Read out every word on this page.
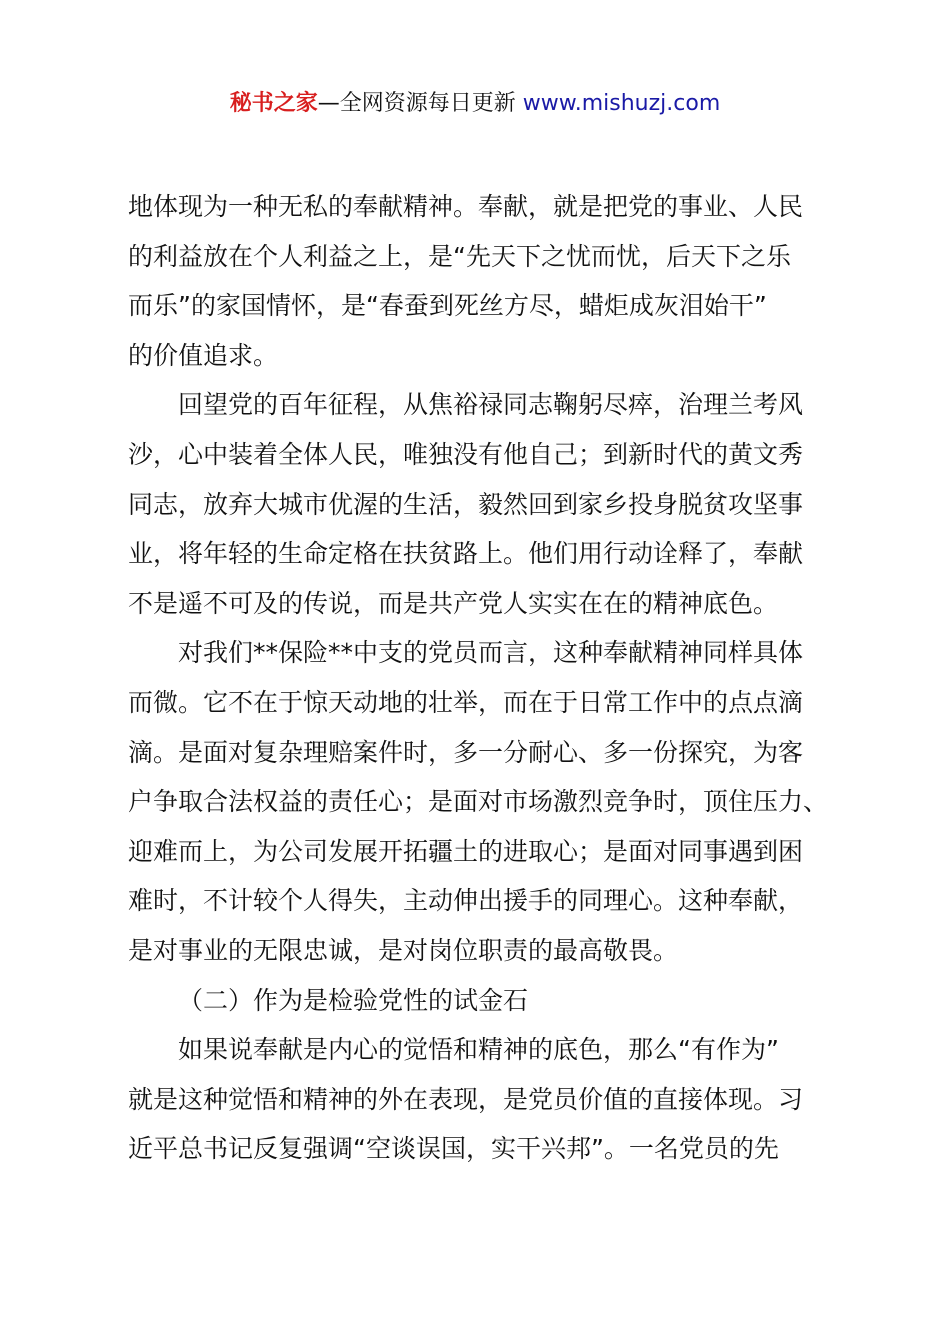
秘书之家—全网资源每日更新 www.mishuzj.com
地体现为一种无私的奉献精神。奉献，就是把党的事业、人民
的利益放在个人利益之上，是“先天下之忧而忧，后天下之乐
而乐”的家国情怀，是“春蚕到死丝方尽，蜡炬成灰泪始干”
的价值追求。
回望党的百年征程，从焦裕禄同志鞠躬尽瘁，治理兰考风
沙，心中装着全体人民，唯独没有他自己；到新时代的黄文秀
同志，放弃大城市优渥的生活，毅然回到家乡投身脱贫攻坚事
业，将年轻的生命定格在扶贫路上。他们用行动诠释了，奉献
不是遥不可及的传说，而是共产党人实实在在的精神底色。
对我们**保险**中支的党员而言，这种奉献精神同样具体
而微。它不在于惊天动地的壮举，而在于日常工作中的点点滴
滴。是面对复杂理赔案件时，多一分耐心、多一份探究，为客
户争取合法权益的责任心；是面对市场激烈竞争时，顶住压力、
迎难而上，为公司发展开拓疆土的进取心；是面对同事遇到困
难时，不计较个人得失，主动伸出援手的同理心。这种奉献，
是对事业的无限忠诚，是对岗位职责的最高敬畏。
（二）作为是检验党性的试金石
如果说奉献是内心的觉悟和精神的底色，那么“有作为”
就是这种觉悟和精神的外在表现，是党员价值的直接体现。习
近平总书记反复强调“空谈误国，实干兴邦”。一名党员的先
